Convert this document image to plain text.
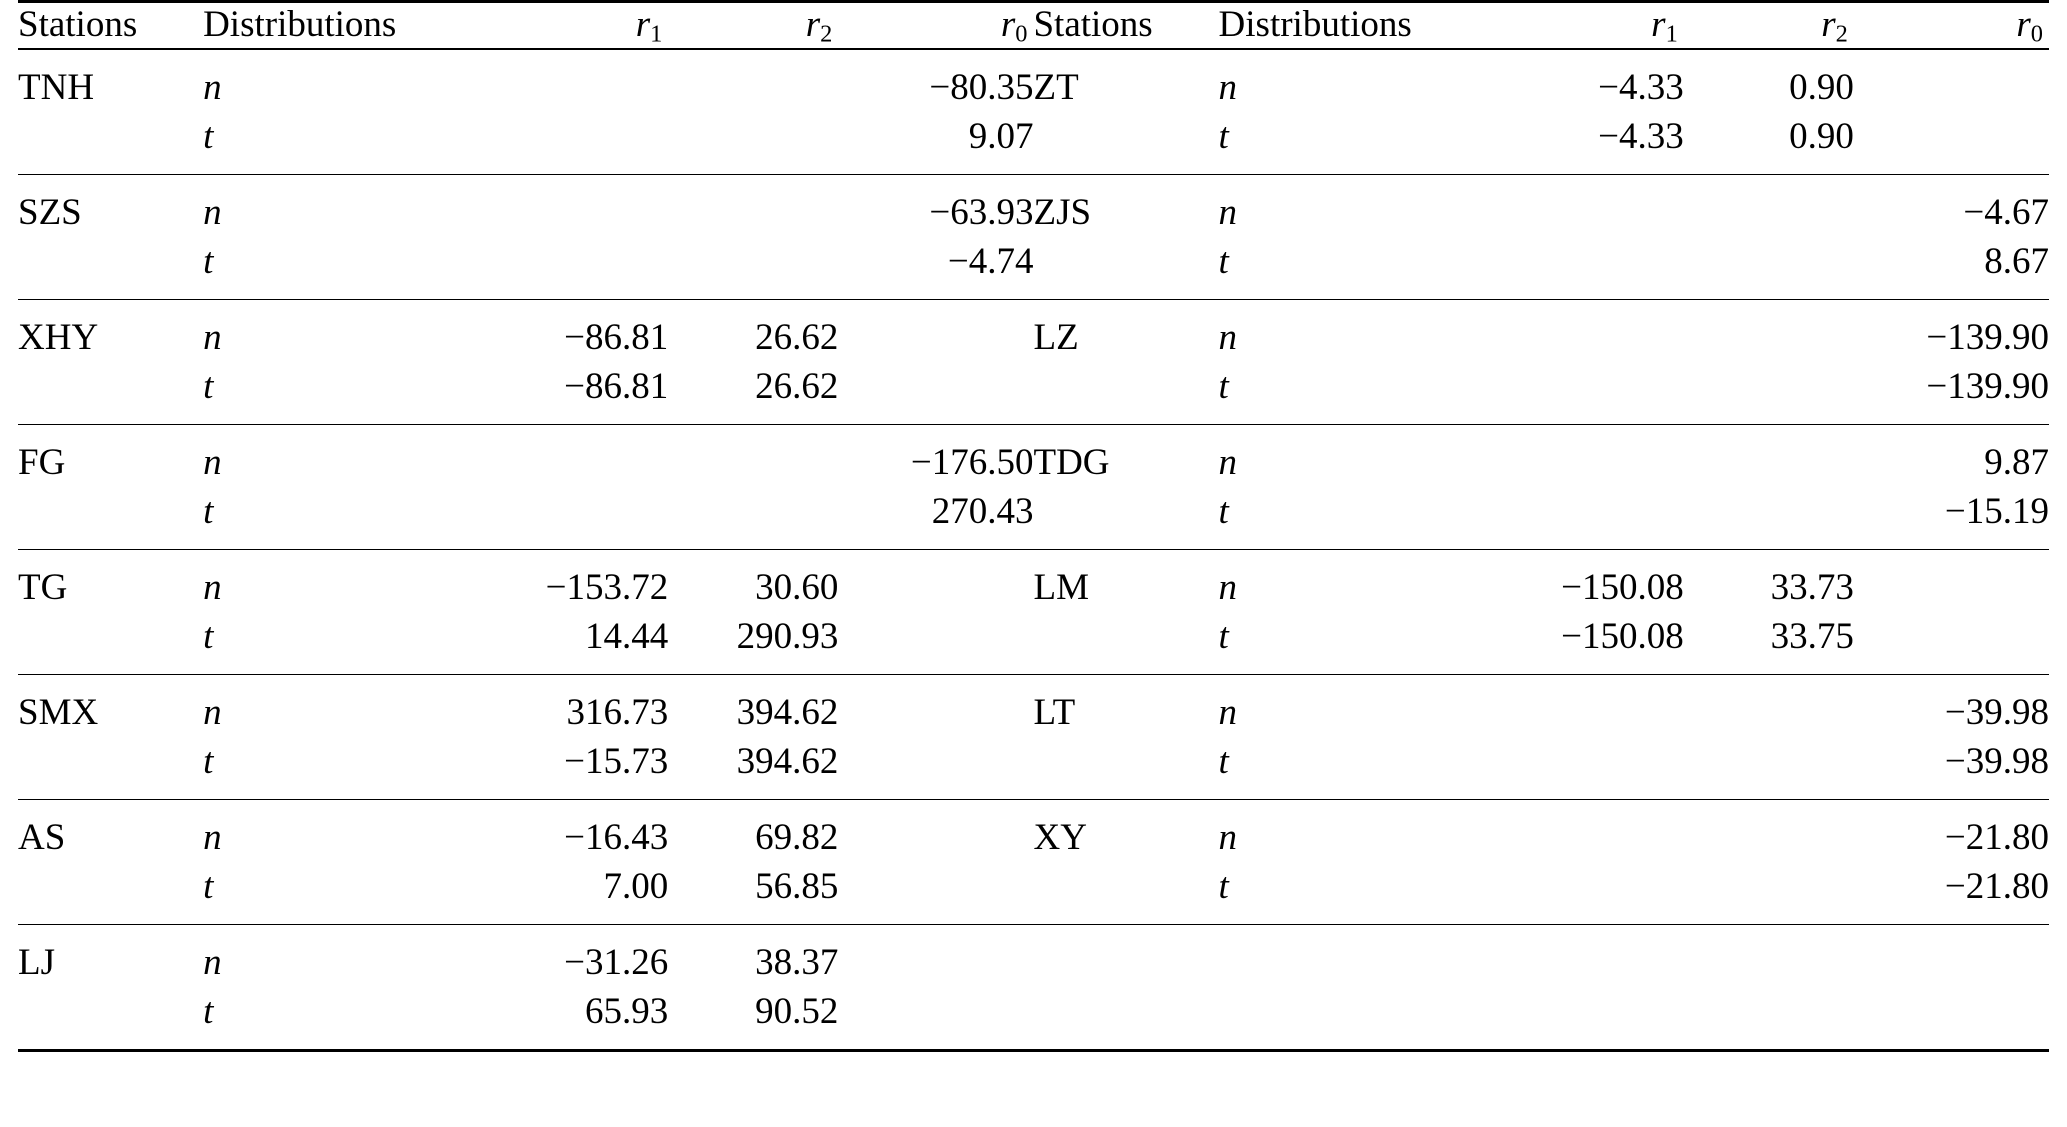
Stations	Distributions	$r_1$	$r_2$	$r_0$	Stations	Distributions	$r_1$	$r_2$	$r_0$
TNH	n			−80.35	ZT	n	−4.33	0.90	
	t			9.07		t	−4.33	0.90	
SZS	n			−63.93	ZJS	n			−4.67
	t			−4.74		t			8.67
XHY	n	−86.81	26.62		LZ	n			−139.90
	t	−86.81	26.62			t			−139.90
FG	n			−176.50	TDG	n			9.87
	t			270.43		t			−15.19
TG	n	−153.72	30.60		LM	n	−150.08	33.73	
	t	14.44	290.93			t	−150.08	33.75	
SMX	n	316.73	394.62		LT	n			−39.98
	t	−15.73	394.62			t			−39.98
AS	n	−16.43	69.82		XY	n			−21.80
	t	7.00	56.85			t			−21.80
LJ	n	−31.26	38.37						
	t	65.93	90.52						
